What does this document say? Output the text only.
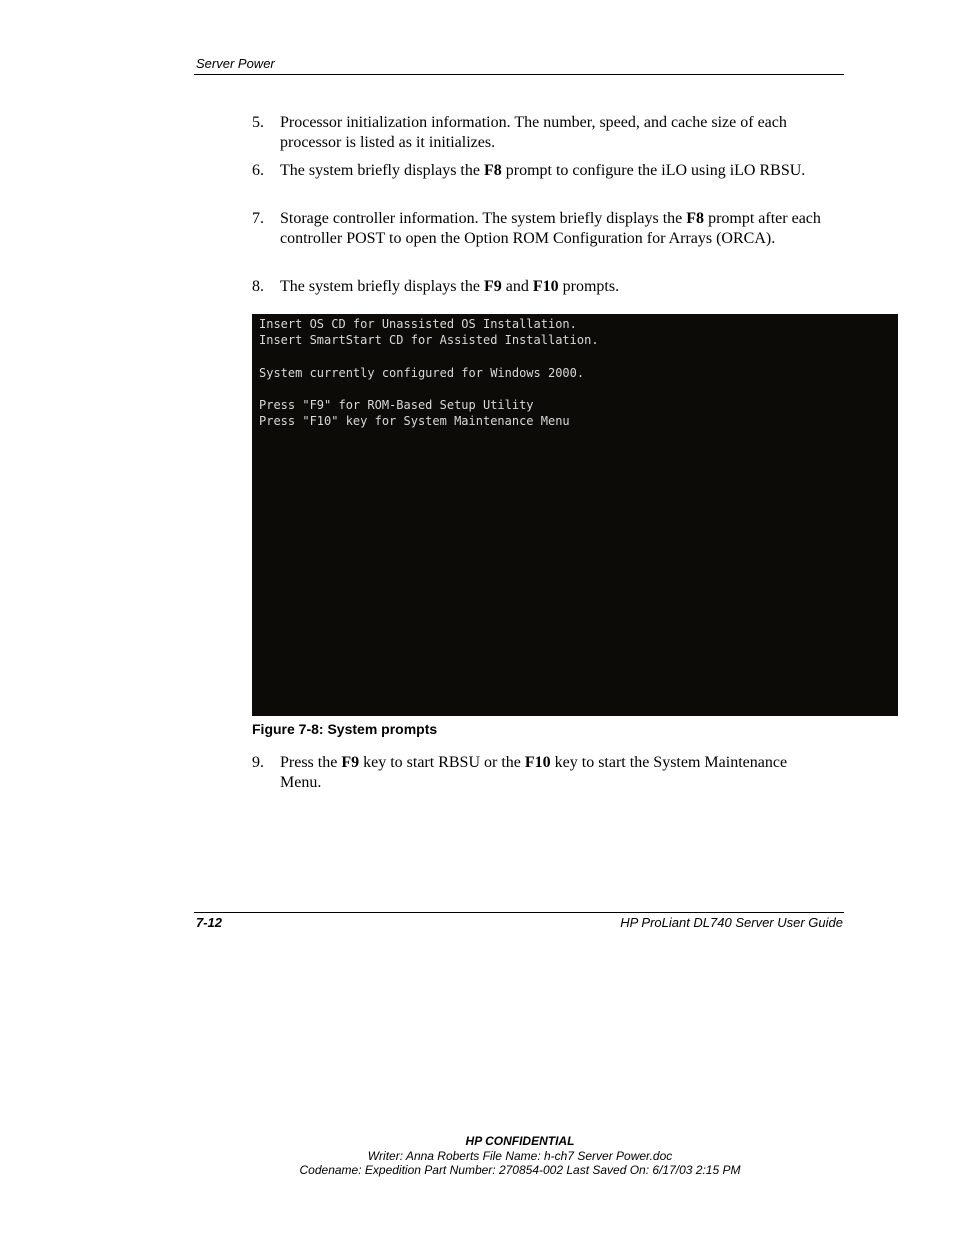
Server Power
5.	Processor initialization information. The number, speed, and cache size of each processor is listed as it initializes.
6.	The system briefly displays the F8 prompt to configure the iLO using iLO RBSU.
7.	Storage controller information. The system briefly displays the F8 prompt after each controller POST to open the Option ROM Configuration for Arrays (ORCA).
8.	The system briefly displays the F9 and F10 prompts.
Insert OS CD for Unassisted OS Installation.
Insert SmartStart CD for Assisted Installation.
System currently configured for Windows 2000.
Press "F9" for ROM-Based Setup Utility
Press "F10" key for System Maintenance Menu
Figure 7-8: System prompts
9.	Press the F9 key to start RBSU or the F10 key to start the System Maintenance Menu.
7-12	HP ProLiant DL740 Server User Guide
HP CONFIDENTIAL
Writer: Anna Roberts File Name: h-ch7 Server Power.doc
Codename: Expedition Part Number: 270854-002 Last Saved On: 6/17/03 2:15 PM
